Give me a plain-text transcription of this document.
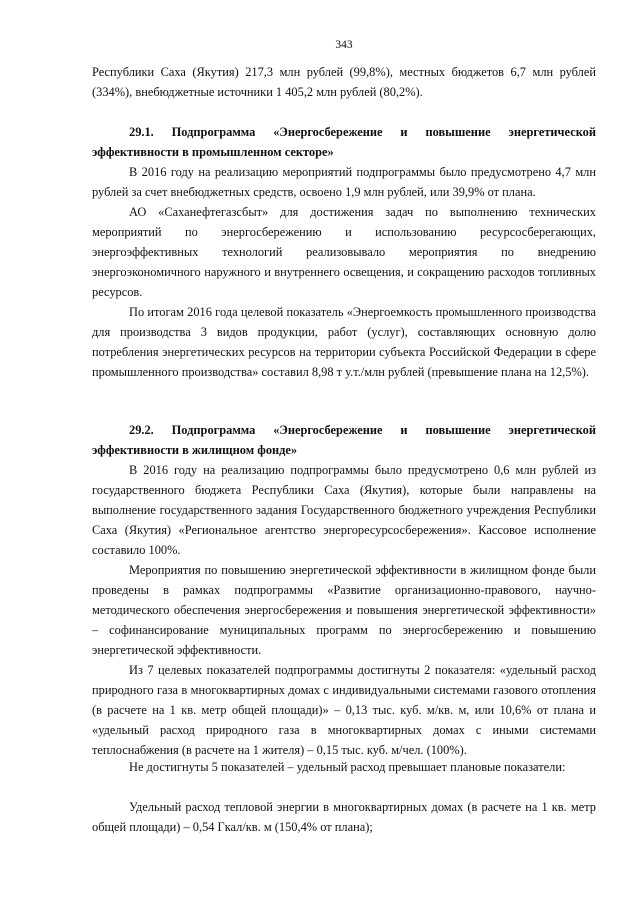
343

Республики Саха (Якутия) 217,3 млн рублей (99,8%), местных бюджетов 6,7 млн рублей (334%), внебюджетные источники 1 405,2 млн рублей (80,2%).

29.1. Подпрограмма «Энергосбережение и повышение энергетической эффективности в промышленном секторе»

В 2016 году на реализацию мероприятий подпрограммы было предусмотрено 4,7 млн рублей за счет внебюджетных средств, освоено 1,9 млн рублей, или 39,9% от плана.

АО «Саханефтегазсбыт» для достижения задач по выполнению технических мероприятий по энергосбережению и использованию ресурсосберегающих, энергоэффективных технологий реализовывало мероприятия по внедрению энергоэкономичного наружного и внутреннего освещения, и сокращению расходов топливных ресурсов.

По итогам 2016 года целевой показатель «Энергоемкость промышленного производства для производства 3 видов продукции, работ (услуг), составляющих основную долю потребления энергетических ресурсов на территории субъекта Российской Федерации в сфере промышленного производства» составил 8,98 т у.т./млн рублей (превышение плана на 12,5%).

29.2. Подпрограмма «Энергосбережение и повышение энергетической эффективности в жилищном фонде»

В 2016 году на реализацию подпрограммы было предусмотрено 0,6 млн рублей из государственного бюджета Республики Саха (Якутия), которые были направлены на выполнение государственного задания Государственного бюджетного учреждения Республики Саха (Якутия) «Региональное агентство энергоресурсосбережения». Кассовое исполнение составило 100%.

Мероприятия по повышению энергетической эффективности в жилищном фонде были проведены в рамках подпрограммы «Развитие организационно-правового, научно-методического обеспечения энергосбережения и повышения энергетической эффективности» – софинансирование муниципальных программ по энергосбережению и повышению энергетической эффективности.

Из 7 целевых показателей подпрограммы достигнуты 2 показателя: «удельный расход природного газа в многоквартирных домах с индивидуальными системами газового отопления (в расчете на 1 кв. метр общей площади)» – 0,13 тыс. куб. м/кв. м, или 10,6% от плана и «удельный расход природного газа в многоквартирных домах с иными системами теплоснабжения (в расчете на 1 жителя) – 0,15 тыс. куб. м/чел. (100%).

Не достигнуты 5 показателей – удельный расход превышает плановые показатели:

Удельный расход тепловой энергии в многоквартирных домах (в расчете на 1 кв. метр общей площади) – 0,54 Гкал/кв. м (150,4% от плана);
